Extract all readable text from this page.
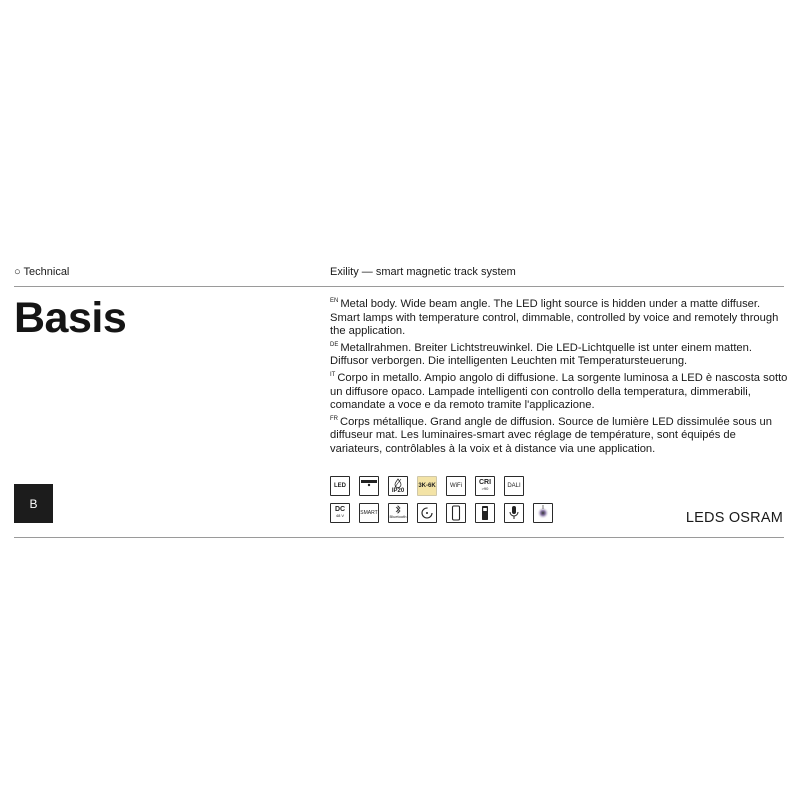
○ Technical	Exility — smart magnetic track system
Basis	$^{EN}$ Metal body. Wide beam angle. The LED light source is hidden under a matte diffuser. Smart lamps with temperature control, dimmable, controlled by voice and remotely through the application.

$^{DE}$ Metallrahmen. Breiter Lichtstreuwinkel. Die LED-Lichtquelle ist unter einem matten. Diffusor verborgen. Die intelligenten Leuchten mit Temperatursteuerung.

$^{IT}$ Corpo in metallo. Ampio angolo di diffusione. La sorgente luminosa a LED è nascosta sotto un diffusore opaco. Lampade intelligenti con controllo della temperatura, dimmerabili, comandate a voce e da remoto tramite l'applicazione.

$^{FR}$ Corps métallique. Grand angle de diffusion. Source de lumière LED dissimulée sous un diffuseur mat. Les luminaires-smart avec réglage de température, sont équipés de variateurs, contrôlables à la voix et à distance via une application.

B
LED
IP20
3K-6K WiFi
CRI
>90	DALI
DC
48 V	SMART
Bluetooth	LEDS OSRAM
